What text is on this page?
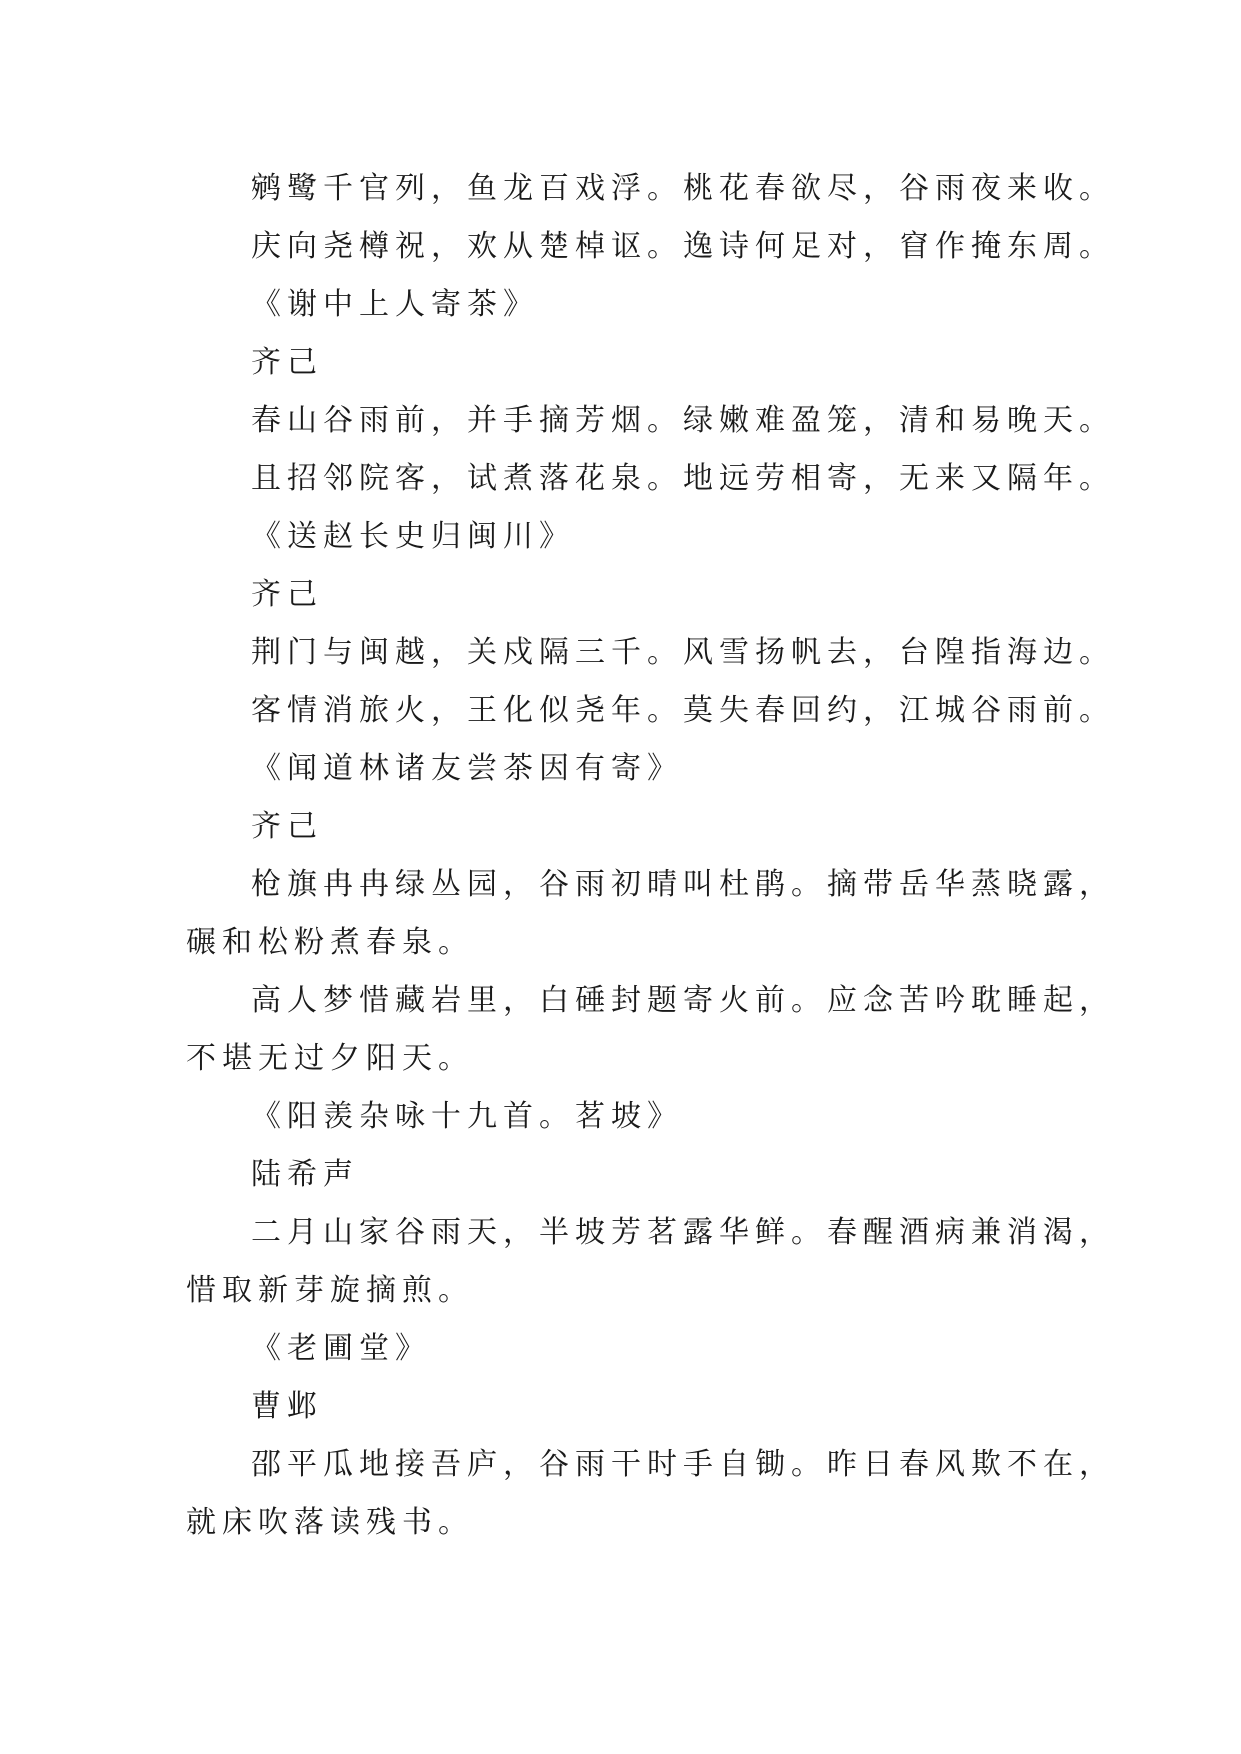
鹓鹭千官列，鱼龙百戏浮。桃花春欲尽，谷雨夜来收。
庆向尧樽祝，欢从楚棹讴。逸诗何足对，窅作掩东周。
《谢中上人寄茶》
齐己
春山谷雨前，并手摘芳烟。绿嫩难盈笼，清和易晚天。
且招邻院客，试煮落花泉。地远劳相寄，无来又隔年。
《送赵长史归闽川》
齐己
荆门与闽越，关戍隔三千。风雪扬帆去，台隍指海边。
客情消旅火，王化似尧年。莫失春回约，江城谷雨前。
《闻道林诸友尝茶因有寄》
齐己
枪旗冉冉绿丛园，谷雨初晴叫杜鹃。摘带岳华蒸晓露，
碾和松粉煮春泉。
高人梦惜藏岩里，白硾封题寄火前。应念苦吟耽睡起，
不堪无过夕阳天。
《阳羡杂咏十九首。茗坡》
陆希声
二月山家谷雨天，半坡芳茗露华鲜。春醒酒病兼消渴，
惜取新芽旋摘煎。
《老圃堂》
曹邺
邵平瓜地接吾庐，谷雨干时手自锄。昨日春风欺不在，
就床吹落读残书。
